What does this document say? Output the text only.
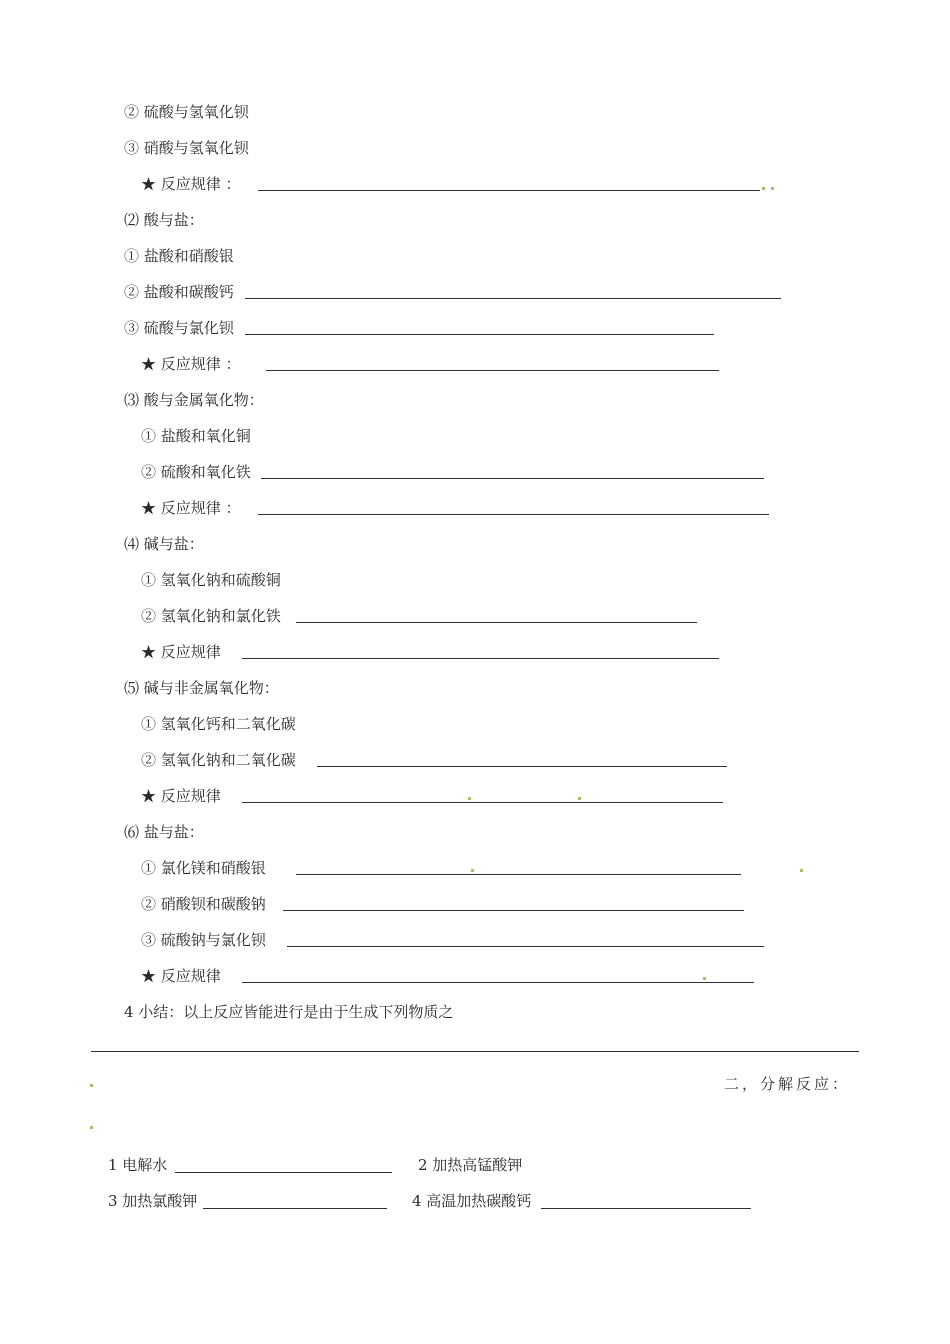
② 硫酸与氢氧化钡
③ 硝酸与氢氧化钡
★ 反应规律 ：
⑵ 酸与盐：
① 盐酸和硝酸银
② 盐酸和碳酸钙
③ 硫酸与氯化钡
★ 反应规律 ：
⑶ 酸与金属氧化物：
① 盐酸和氧化铜
② 硫酸和氧化铁
★ 反应规律 ：
⑷ 碱与盐：
① 氢氧化钠和硫酸铜
② 氢氧化钠和氯化铁
★ 反应规律
⑸ 碱与非金属氧化物：
① 氢氧化钙和二氧化碳
② 氢氧化钠和二氧化碳
★ 反应规律
⑹ 盐与盐：
① 氯化镁和硝酸银
② 硝酸钡和碳酸钠
③ 硫酸钠与氯化钡
★ 反应规律
4 小结：以上反应皆能进行是由于生成下列物质之
二，分解反应：
1 电解水	2 加热高锰酸钾
3 加热氯酸钾	4 高温加热碳酸钙
